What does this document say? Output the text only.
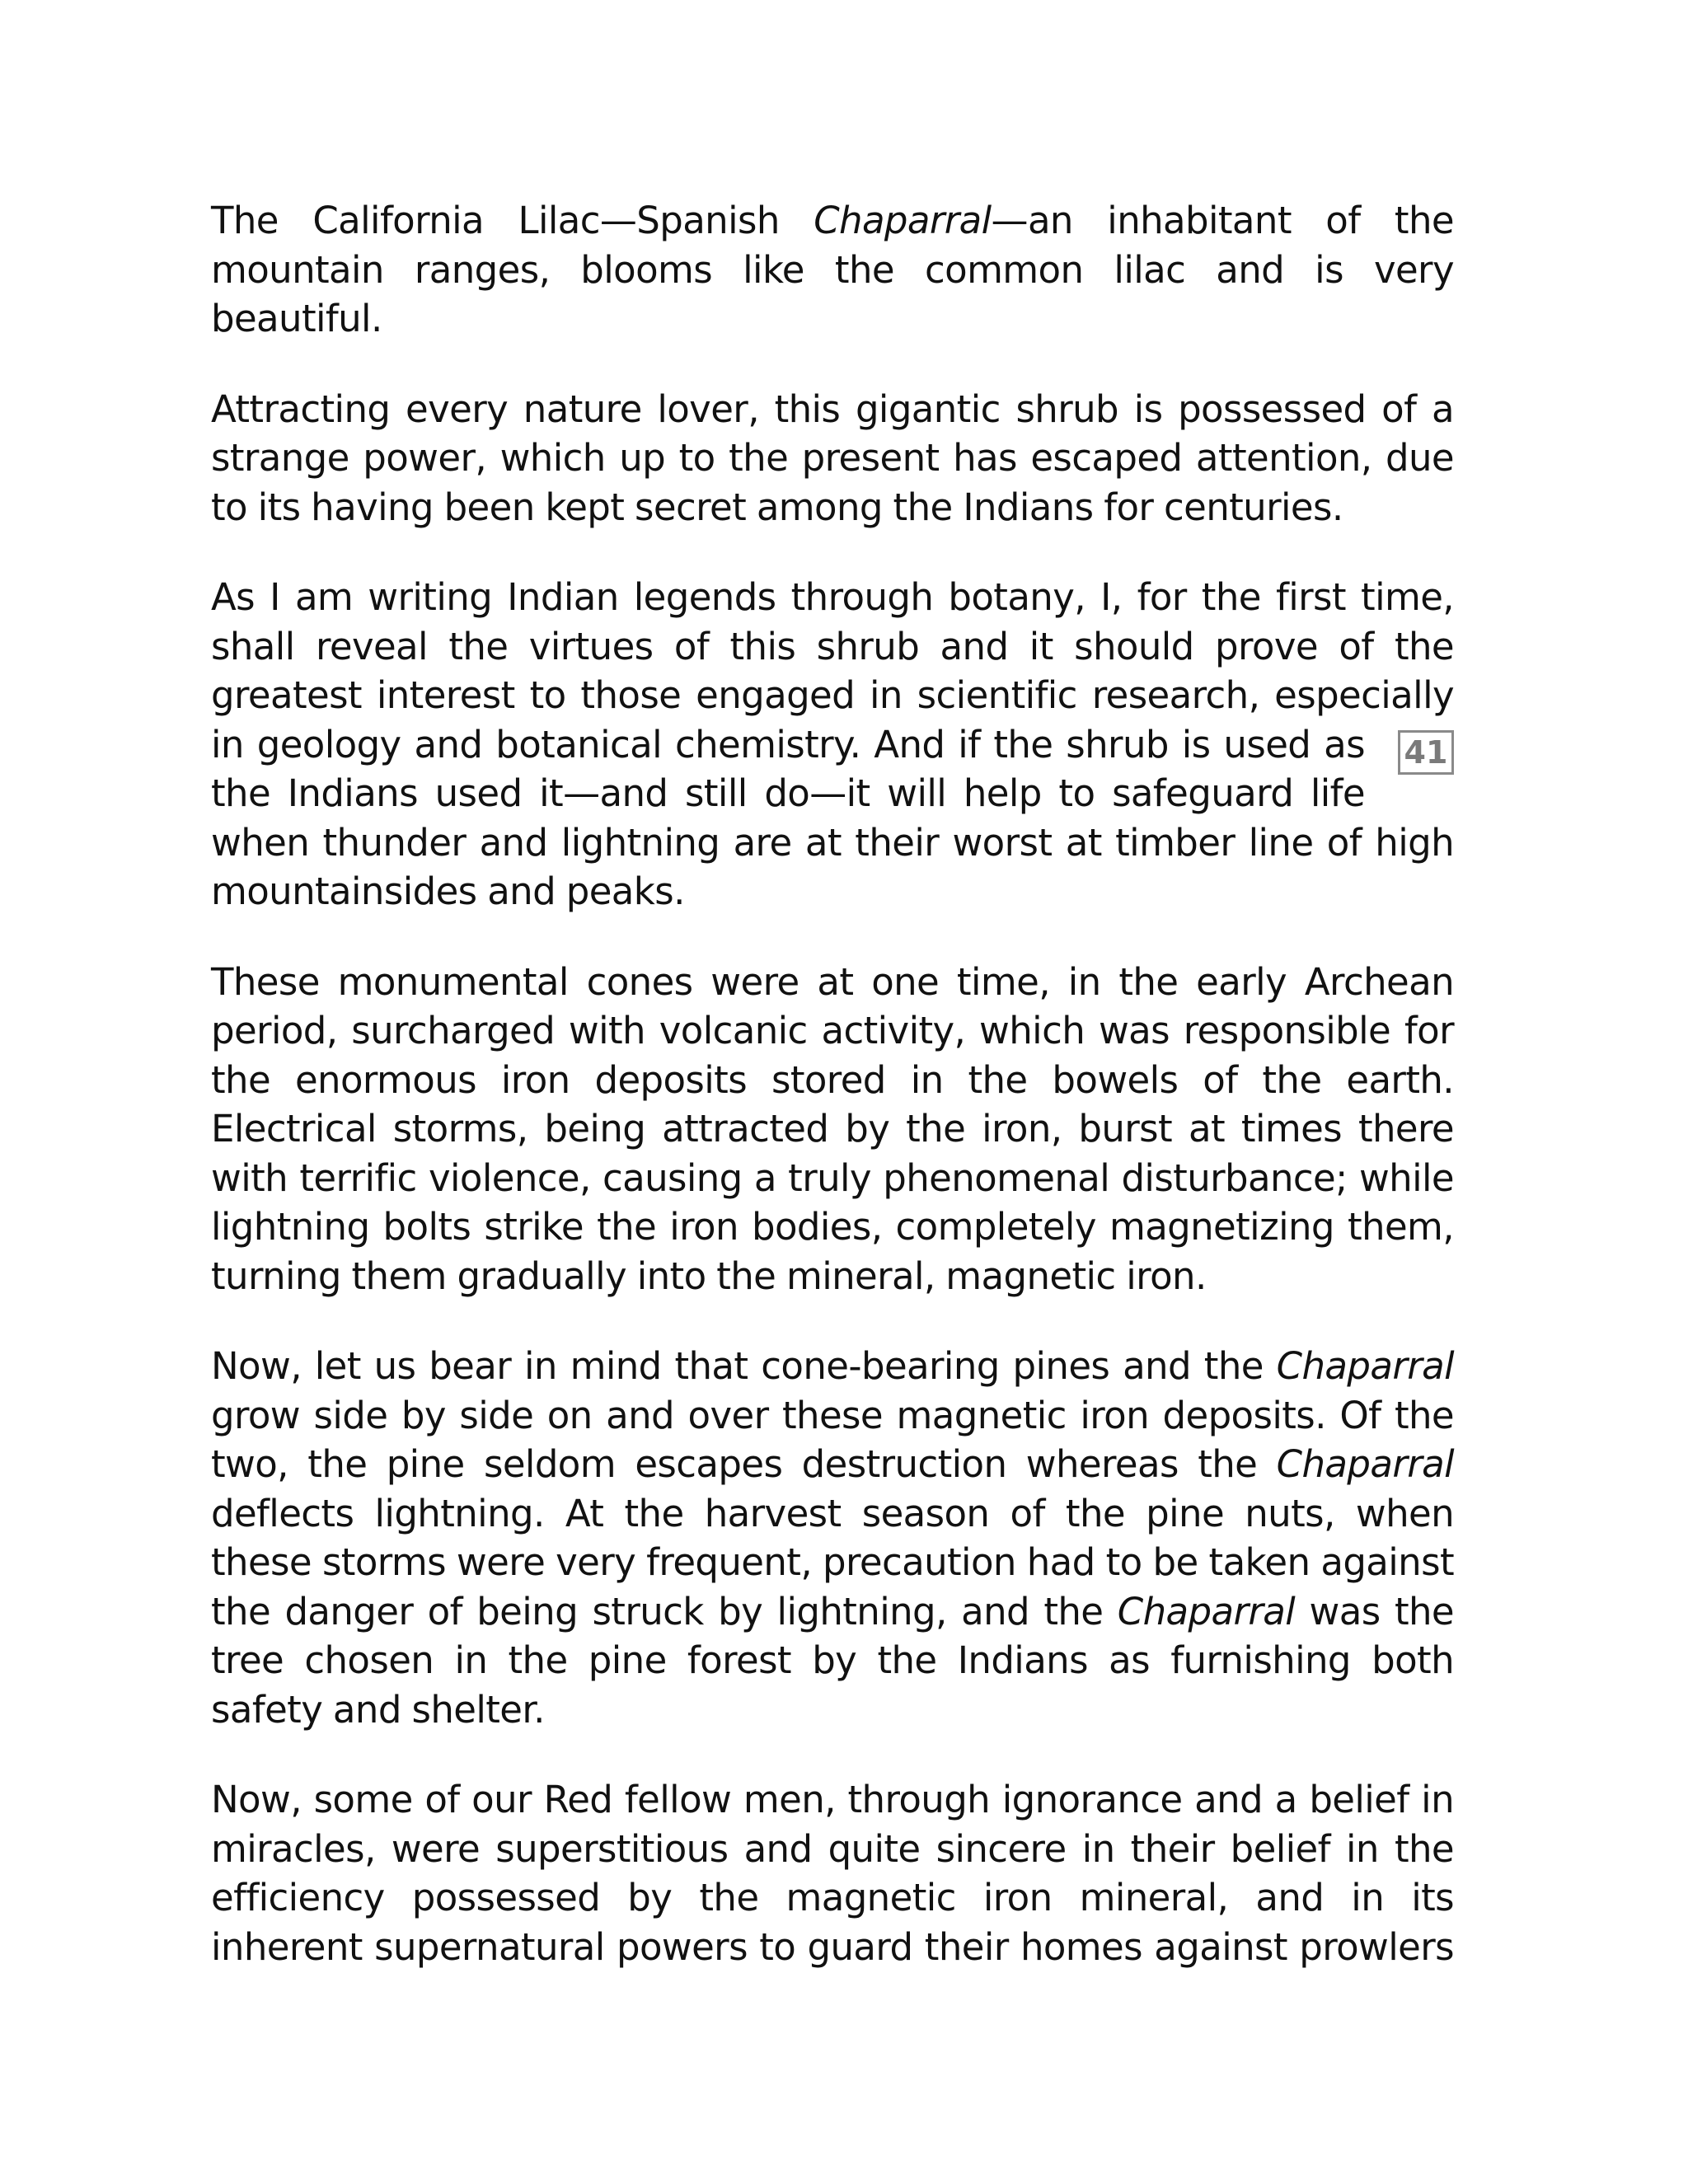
The California Lilac—Spanish Chaparral—an inhabitant of the mountain ranges, blooms like the common lilac and is very beautiful.

Attracting every nature lover, this gigantic shrub is possessed of a strange power, which up to the present has escaped attention, due to its having been kept secret among the Indians for centuries.

As I am writing Indian legends through botany, I, for the first time, shall reveal the virtues of this shrub and it should prove of the greatest interest to those engaged in scientific research, especially in	41
geology and botanical chemistry. And if the shrub is used as the Indians used it—and still do—it will help to safeguard life when thunder and lightning are at their worst at timber line of high mountainsides and peaks.

These monumental cones were at one time, in the early Archean period, surcharged with volcanic activity, which was responsible for the enormous iron deposits stored in the bowels of the earth. Electrical storms, being attracted by the iron, burst at times there with terrific violence, causing a truly phenomenal disturbance; while lightning bolts strike the iron bodies, completely magnetizing them, turning them gradually into the mineral, magnetic iron.

Now, let us bear in mind that cone-bearing pines and the Chaparral grow side by side on and over these magnetic iron deposits. Of the two, the pine seldom escapes destruction whereas the Chaparral deflects lightning. At the harvest season of the pine nuts, when these storms were very frequent, precaution had to be taken against the danger of being struck by lightning, and the Chaparral was the tree chosen in the pine forest by the Indians as furnishing both safety and shelter.

Now, some of our Red fellow men, through ignorance and a belief in miracles, were superstitious and quite sincere in their belief in the efficiency possessed by the magnetic iron mineral, and in its inherent supernatural powers to guard their homes against prowlers
